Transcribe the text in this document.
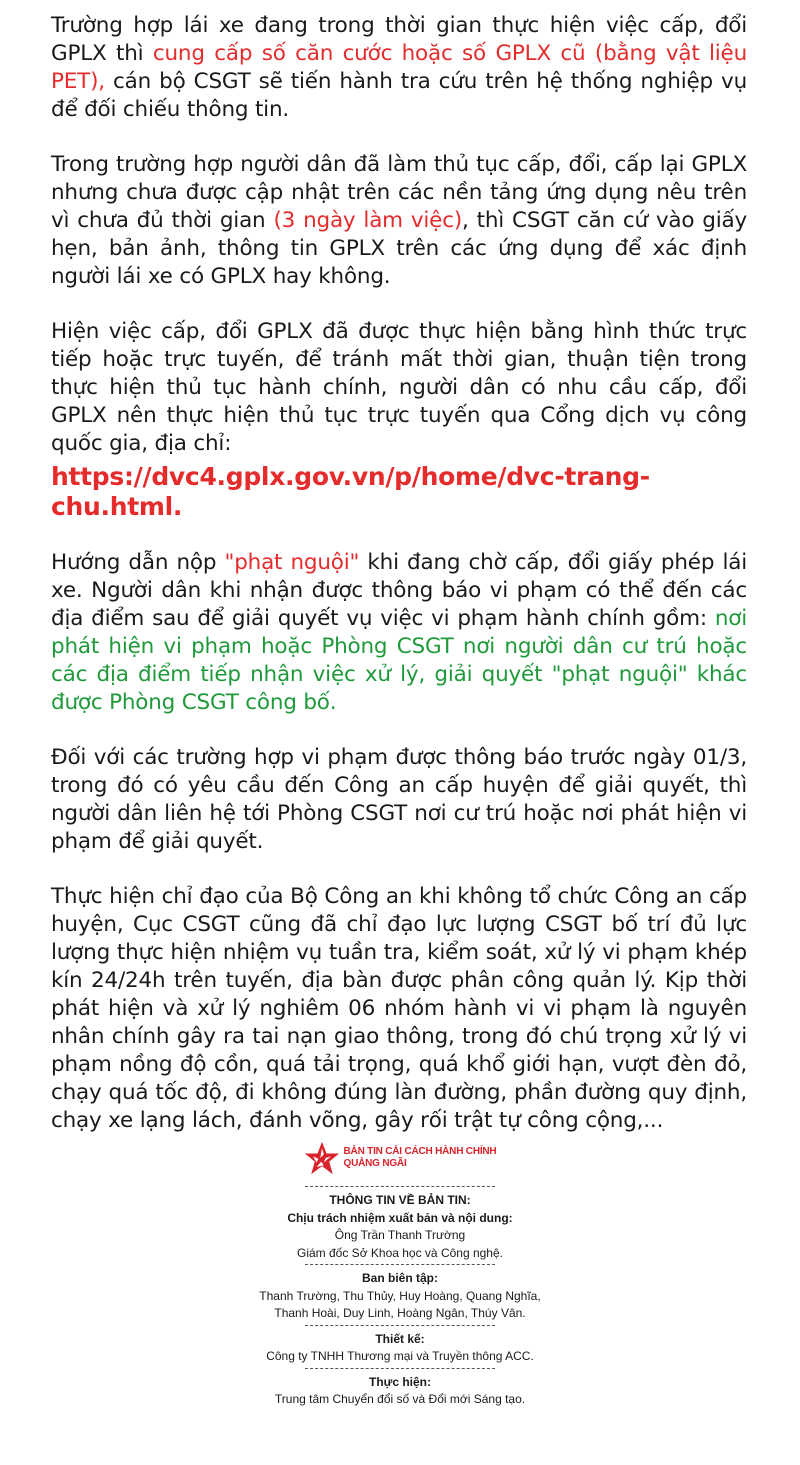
Trường hợp lái xe đang trong thời gian thực hiện việc cấp, đổi GPLX thì cung cấp số căn cước hoặc số GPLX cũ (bằng vật liệu PET), cán bộ CSGT sẽ tiến hành tra cứu trên hệ thống nghiệp vụ để đối chiếu thông tin.

Trong trường hợp người dân đã làm thủ tục cấp, đổi, cấp lại GPLX nhưng chưa được cập nhật trên các nền tảng ứng dụng nêu trên vì chưa đủ thời gian (3 ngày làm việc), thì CSGT căn cứ vào giấy hẹn, bản ảnh, thông tin GPLX trên các ứng dụng để xác định người lái xe có GPLX hay không.

Hiện việc cấp, đổi GPLX đã được thực hiện bằng hình thức trực tiếp hoặc trực tuyến, để tránh mất thời gian, thuận tiện trong thực hiện thủ tục hành chính, người dân có nhu cầu cấp, đổi GPLX nên thực hiện thủ tục trực tuyến qua Cổng dịch vụ công quốc gia, địa chỉ:
https://dvc4.gplx.gov.vn/p/home/dvc-trang-chu.html.

Hướng dẫn nộp "phạt nguội" khi đang chờ cấp, đổi giấy phép lái xe. Người dân khi nhận được thông báo vi phạm có thể đến các địa điểm sau để giải quyết vụ việc vi phạm hành chính gồm: nơi phát hiện vi phạm hoặc Phòng CSGT nơi người dân cư trú hoặc các địa điểm tiếp nhận việc xử lý, giải quyết "phạt nguội" khác được Phòng CSGT công bố.

Đối với các trường hợp vi phạm được thông báo trước ngày 01/3, trong đó có yêu cầu đến Công an cấp huyện để giải quyết, thì người dân liên hệ tới Phòng CSGT nơi cư trú hoặc nơi phát hiện vi phạm để giải quyết.

Thực hiện chỉ đạo của Bộ Công an khi không tổ chức Công an cấp huyện, Cục CSGT cũng đã chỉ đạo lực lượng CSGT bố trí đủ lực lượng thực hiện nhiệm vụ tuần tra, kiểm soát, xử lý vi phạm khép kín 24/24h trên tuyến, địa bàn được phân công quản lý. Kịp thời phát hiện và xử lý nghiêm 06 nhóm hành vi vi phạm là nguyên nhân chính gây ra tai nạn giao thông, trong đó chú trọng xử lý vi phạm nồng độ cồn, quá tải trọng, quá khổ giới hạn, vượt đèn đỏ, chạy quá tốc độ, đi không đúng làn đường, phần đường quy định, chạy xe lạng lách, đánh võng, gây rối trật tự công cộng,...

BẢN TIN CẢI CÁCH HÀNH CHÍNH
QUẢNG NGÃI
THÔNG TIN VỀ BẢN TIN:
Chịu trách nhiệm xuất bản và nội dung:
Ông Trần Thanh Trường
Giám đốc Sở Khoa học và Công nghệ.
Ban biên tập:
Thanh Trường, Thu Thủy, Huy Hoàng, Quang Nghĩa,
Thanh Hoài, Duy Linh, Hoàng Ngân, Thúy Vân.
Thiết kế:
Công ty TNHH Thương mại và Truyền thông ACC.
Thực hiện:
Trung tâm Chuyển đổi số và Đổi mới Sáng tạo.
